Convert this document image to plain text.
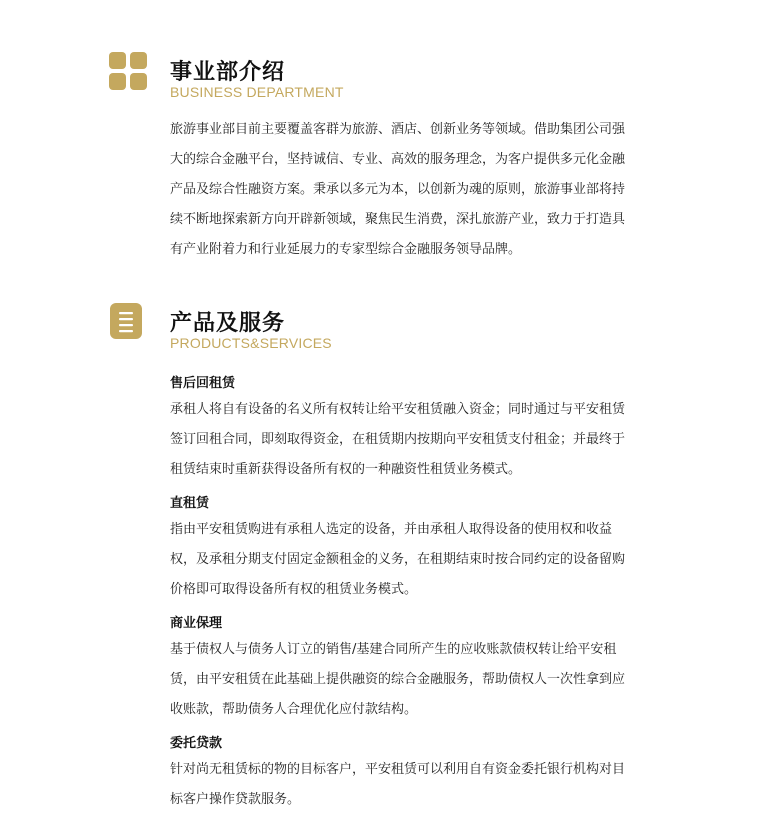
事业部介绍
BUSINESS DEPARTMENT
旅游事业部目前主要覆盖客群为旅游、酒店、创新业务等领域。借助集团公司强
大的综合金融平台，坚持诚信、专业、高效的服务理念，为客户提供多元化金融
产品及综合性融资方案。秉承以多元为本，以创新为魂的原则，旅游事业部将持
续不断地探索新方向开辟新领域，聚焦民生消费，深扎旅游产业，致力于打造具
有产业附着力和行业延展力的专家型综合金融服务领导品牌。
产品及服务
PRODUCTS&SERVICES
售后回租赁
承租人将自有设备的名义所有权转让给平安租赁融入资金；同时通过与平安租赁
签订回租合同，即刻取得资金，在租赁期内按期向平安租赁支付租金；并最终于
租赁结束时重新获得设备所有权的一种融资性租赁业务模式。
直租赁
指由平安租赁购进有承租人选定的设备，并由承租人取得设备的使用权和收益
权，及承租分期支付固定金额租金的义务，在租期结束时按合同约定的设备留购
价格即可取得设备所有权的租赁业务模式。
商业保理
基于债权人与债务人订立的销售/基建合同所产生的应收账款债权转让给平安租
赁，由平安租赁在此基础上提供融资的综合金融服务，帮助债权人一次性拿到应
收账款，帮助债务人合理优化应付款结构。
委托贷款
针对尚无租赁标的物的目标客户，平安租赁可以利用自有资金委托银行机构对目
标客户操作贷款服务。
